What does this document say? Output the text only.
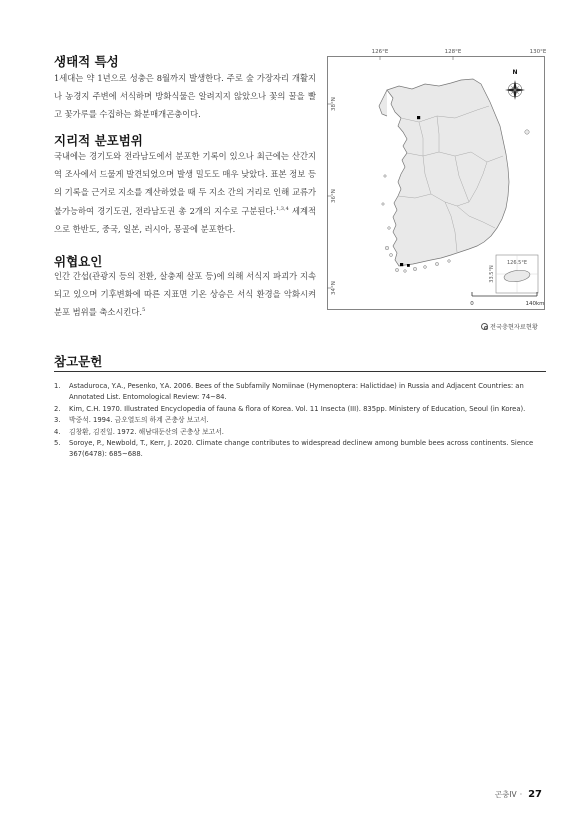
생태적 특성

1세대는 약 1년으로 성충은 8월까지 발생한다. 주로 숲 가장자리 개활지나 농경지 주변에 서식하며 방화식물은 알려지지 않았으나 꽃의 꿀을 빨고 꽃가루를 수집하는 화분매개곤충이다.

지리적 분포범위

국내에는 경기도와 전라남도에서 분포한 기록이 있으나 최근에는 산간지역 조사에서 드물게 발견되었으며 발생 밀도도 매우 낮았다. 표본 정보 등의 기록을 근거로 지소를 계산하였을 때 두 지소 간의 거리로 인해 교류가 불가능하여 경기도권, 전라남도권 총 2개의 지수로 구분된다.$^{1,3,4}$ 세계적으로 한반도, 중국, 일본, 러시아, 몽골에 분포한다.

위협요인

인간 간섭(관광지 등의 전환, 살충제 살포 등)에 의해 서식지 파괴가 지속되고 있으며 기후변화에 따른 지표면 기온 상승은 서식 환경을 악화시켜 분포 범위를 축소시킨다.$^5$

126°E	128°E	130°E
38°N
36°N
34°N
N
126.5°E
33.5°N
0	140km
전국충현자료현황
참고문헌
1. Astaduroca, Y.A., Pesenko, Y.A. 2006. Bees of the Subfamily Nomiinae (Hymenoptera: Halictidae) in Russia and Adjacent Countries: an Annotated List. Entomological Review: 74~84.
2. Kim, C.H. 1970. Illustrated Encyclopedia of fauna & flora of Korea. Vol. 11 Insecta (III). 835pp. Ministery of Education, Seoul (in Korea).
3. 박중석. 1994. 금오열도의 하계 곤충상 보고서.
4. 김창환, 김진일. 1972. 해남대둔산의 곤충상 보고서.
5. Soroye, P., Newbold, T., Kerr, J. 2020. Climate change contributes to widespread declinew among bumble bees across continents. Sience 367(6478): 685~688.
곤충IV · 27
